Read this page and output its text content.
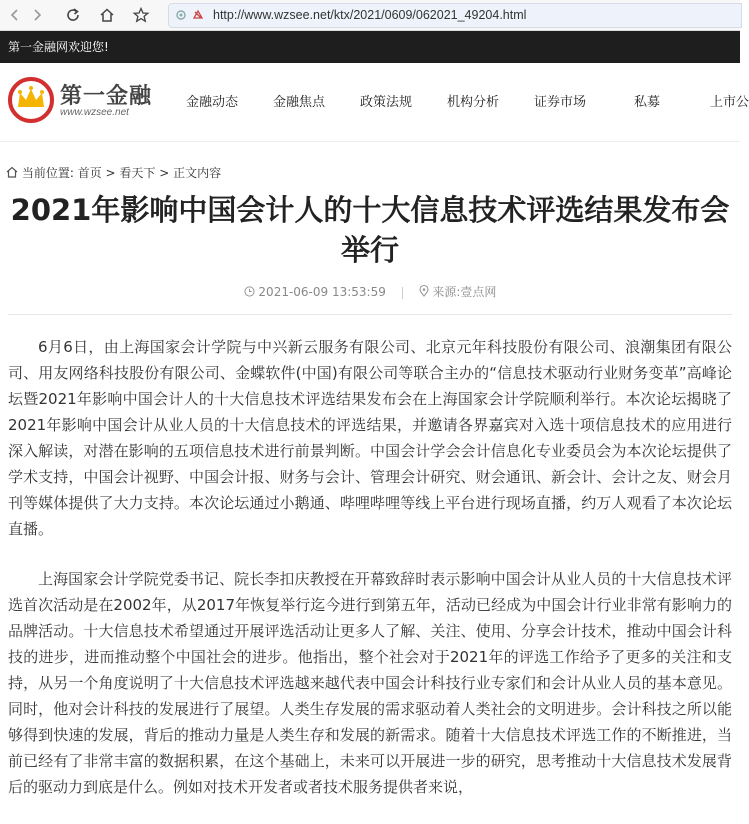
http://www.wzsee.net/ktx/2021/0609/062021_49204.html
第一金融网欢迎您!
第一金融
www.wzsee.net
金融动态	金融焦点	政策法规	机构分析	证券市场	私募	上市公
当前位置: 首页 > 看天下 > 正文内容
2021年影响中国会计人的十大信息技术评选结果发布会举行
2021-06-09 13:53:59	来源:壹点网

6月6日，由上海国家会计学院与中兴新云服务有限公司、北京元年科技股份有限公司、浪潮集团有限公司、用友网络科技股份有限公司、金蝶软件(中国)有限公司等联合主办的“信息技术驱动行业财务变革”高峰论坛暨2021年影响中国会计人的十大信息技术评选结果发布会在上海国家会计学院顺利举行。本次论坛揭晓了2021年影响中国会计从业人员的十大信息技术的评选结果，并邀请各界嘉宾对入选十项信息技术的应用进行深入解读，对潜在影响的五项信息技术进行前景判断。中国会计学会会计信息化专业委员会为本次论坛提供了学术支持，中国会计视野、中国会计报、财务与会计、管理会计研究、财会通讯、新会计、会计之友、财会月刊等媒体提供了大力支持。本次论坛通过小鹅通、哔哩哔哩等线上平台进行现场直播，约万人观看了本次论坛直播。

上海国家会计学院党委书记、院长李扣庆教授在开幕致辞时表示影响中国会计从业人员的十大信息技术评选首次活动是在2002年，从2017年恢复举行迄今进行到第五年，活动已经成为中国会计行业非常有影响力的品牌活动。十大信息技术希望通过开展评选活动让更多人了解、关注、使用、分享会计技术，推动中国会计科技的进步，进而推动整个中国社会的进步。他指出，整个社会对于2021年的评选工作给予了更多的关注和支持，从另一个角度说明了十大信息技术评选越来越代表中国会计科技行业专家们和会计从业人员的基本意见。同时，他对会计科技的发展进行了展望。人类生存发展的需求驱动着人类社会的文明进步。会计科技之所以能够得到快速的发展，背后的推动力量是人类生存和发展的新需求。随着十大信息技术评选工作的不断推进，当前已经有了非常丰富的数据积累，在这个基础上，未来可以开展进一步的研究，思考推动十大信息技术发展背后的驱动力到底是什么。例如对技术开发者或者技术服务提供者来说，
